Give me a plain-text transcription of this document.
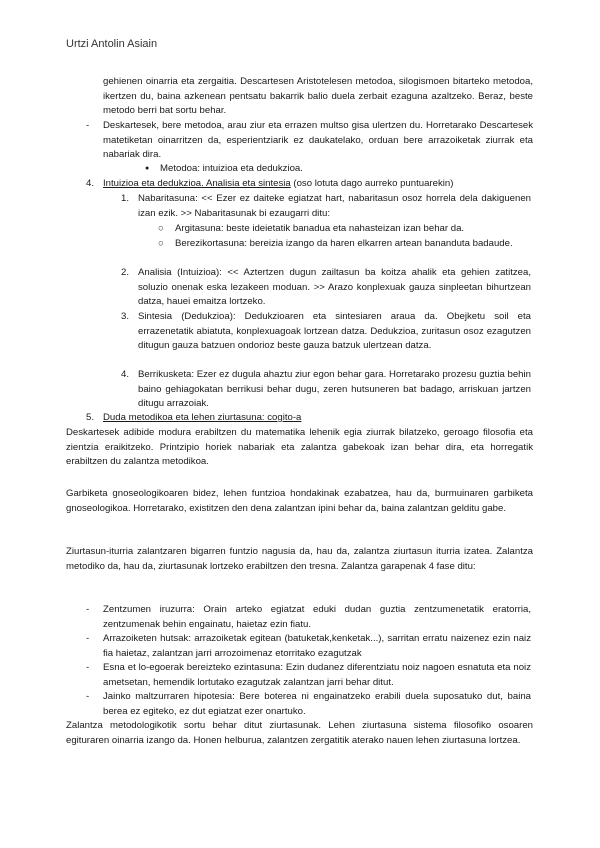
Urtzi Antolin Asiain

gehienen oinarria eta zergaitia. Descartesen Aristotelesen metodoa, silogismoen bitarteko metodoa, ikertzen du, baina azkenean pentsatu bakarrik balio duela zerbait ezaguna azaltzeko. Beraz, beste metodo berri bat sortu behar.

- Deskartesek, bere metodoa, arau ziur eta errazen multso gisa ulertzen du. Horretarako Descartesek matetiketan oinarritzen da, esperientziarik ez daukatelako, orduan bere arrazoiketak ziurrak eta nabariak dira.

● Metodoa: intuizioa eta dedukzioa.

4. Intuizioa eta dedukzioa. Analisia eta sintesia (oso lotuta dago aurreko puntuarekin)

1. Nabaritasuna: << Ezer ez daiteke egiatzat hart, nabaritasun osoz horrela dela dakiguenen izan ezik. >> Nabaritasunak bi ezaugarri ditu:

○ Argitasuna: beste ideietatik banadua eta nahasteizan izan behar da.

○ Berezikortasuna: bereizia izango da haren elkarren artean bananduta badaude.

2. Analisia (Intuizioa): << Aztertzen dugun zailtasun ba koitza ahalik eta gehien zatitzea, soluzio onenak eska lezakeen moduan. >> Arazo konplexuak gauza sinpleetan bihurtzean datza, hauei emaitza lortzeko.

3. Sintesia (Dedukzioa): Dedukzioaren eta sintesiaren araua da. Obejketu soil eta errazenetatik abiatuta, konplexuagoak lortzean datza. Dedukzioa, zuritasun osoz ezagutzen ditugun gauza batzuen ondorioz beste gauza batzuk ulertzean datza.

4. Berrikusketa: Ezer ez dugula ahaztu ziur egon behar gara. Horretarako prozesu guztia behin baino gehiagokatan berrikusi behar dugu, zeren hutsuneren bat badago, arriskuan jartzen ditugu arrazoiak.

5. Duda metodikoa eta lehen ziurtasuna: cogito-a

Deskartesek adibide modura erabiltzen du matematika lehenik egia ziurrak bilatzeko, geroago filosofia eta zientzia eraikitzeko. Printzipio horiek nabariak eta zalantza gabekoak izan behar dira, eta horregatik erabiltzen du zalantza metodikoa.

Garbiketa gnoseologikoaren bidez, lehen funtzioa hondakinak ezabatzea, hau da, burmuinaren garbiketa gnoseologikoa. Horretarako, existitzen den dena zalantzan ipini behar da, baina zalantzan gelditu gabe.

Ziurtasun-iturria zalantzaren bigarren funtzio nagusia da, hau da, zalantza ziurtasun iturria izatea. Zalantza metodiko da, hau da, ziurtasunak lortzeko erabiltzen den tresna. Zalantza garapenak 4 fase ditu:

- Zentzumen iruzurra: Orain arteko egiatzat eduki dudan guztia zentzumenetatik eratorria, zentzumenak behin engainatu, haietaz ezin fiatu.

- Arrazoiketen hutsak: arrazoiketak egitean (batuketak,kenketak...), sarritan erratu naizenez ezin naiz fia haietaz, zalantzan jarri arrozoimenaz etorritako ezagutzak

- Esna et lo-egoerak bereizteko ezintasuna: Ezin dudanez diferentziatu noiz nagoen esnatuta eta noiz ametsetan, hemendik lortutako ezagutzak zalantzan jarri behar ditut.

- Jainko maltzurraren hipotesia: Bere boterea ni engainatzeko erabili duela suposatuko dut, baina berea ez egiteko, ez dut egiatzat ezer onartuko.

Zalantza metodologikotik sortu behar ditut ziurtasunak. Lehen ziurtasuna sistema filosofiko osoaren egituraren oinarria izango da. Honen helburua, zalantzen zergatitik aterako nauen lehen ziurtasuna lortzea.
